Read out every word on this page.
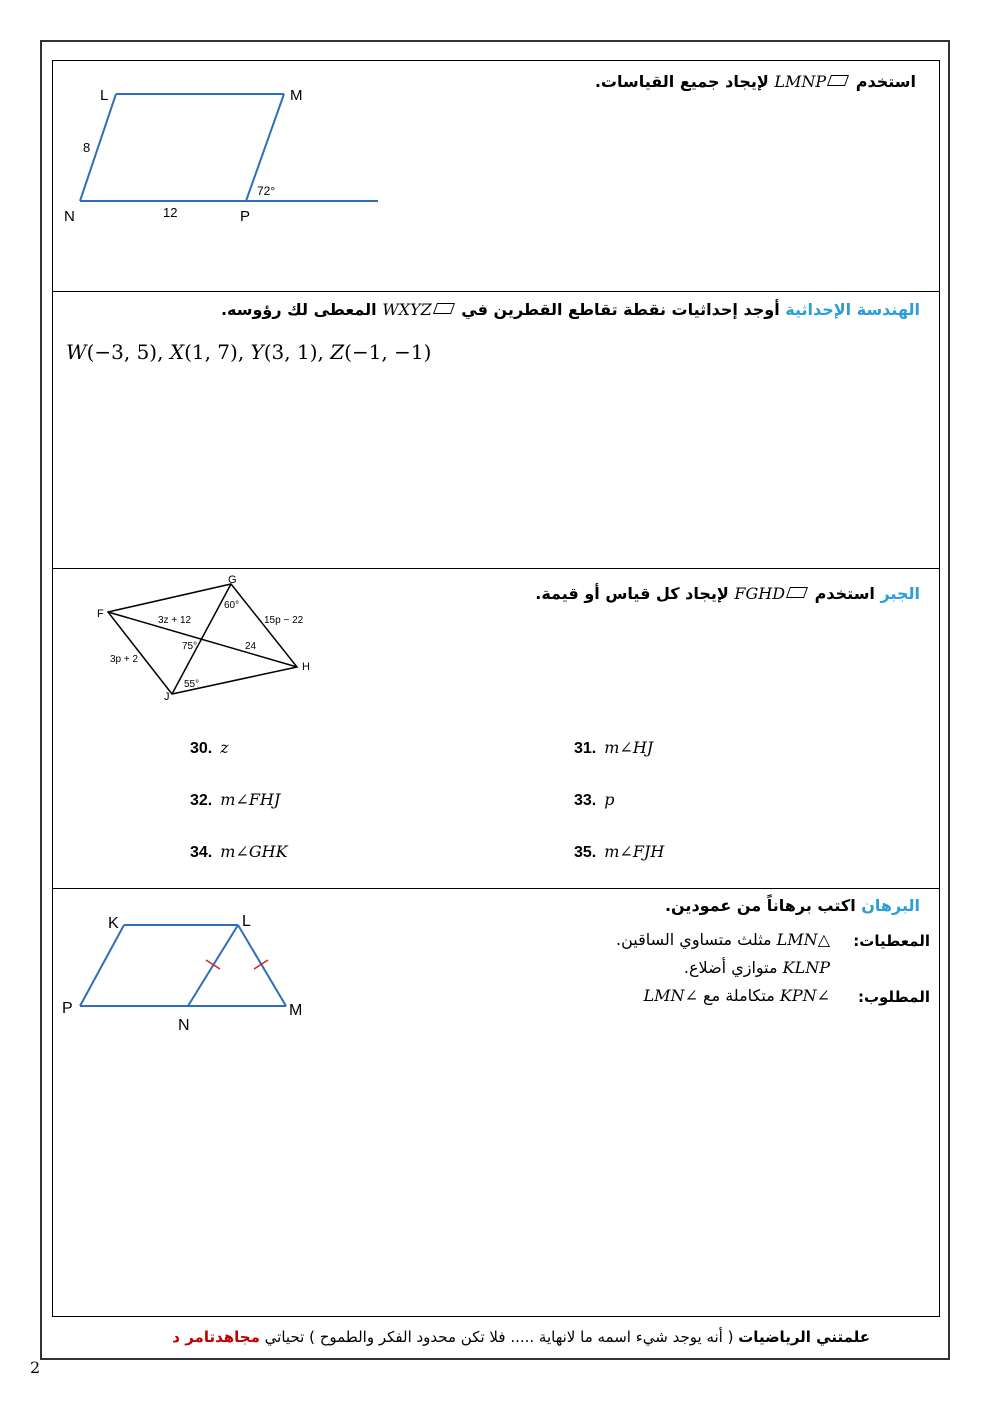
استخدم LMNP لإيجاد جميع القياسات.
L	M
N	P
8
12
72°
الهندسة الإحداثية أوجد إحداثيات نقطة تقاطع القطرين في WXYZ المعطى لك رؤوسه.
W(−3, 5), X(1, 7), Y(3, 1), Z(−1, −1)
الجبر استخدم FGHD لإيجاد كل قياس أو قيمة.
G
F
H
J
3z + 12	15p − 22
3p + 2
24
60°
75°
55°
30. z	31. m∠HJ
32. m∠FHJ	33. p
34. m∠GHK	35. m∠FJH
البرهان اكتب برهاناً من عمودين.
المعطيات:
△LMN مثلث متساوي الساقين.
KLNP متوازي أضلاع.
المطلوب:
∠KPN متكاملة مع ∠LMN
K	L
P
N
M
علمتني الرياضيات ( أنه يوجد شيء اسمه ما لانهاية ..... فلا تكن محدود الفكر والطموح ) تحياتي مجاهدتامر د
2
